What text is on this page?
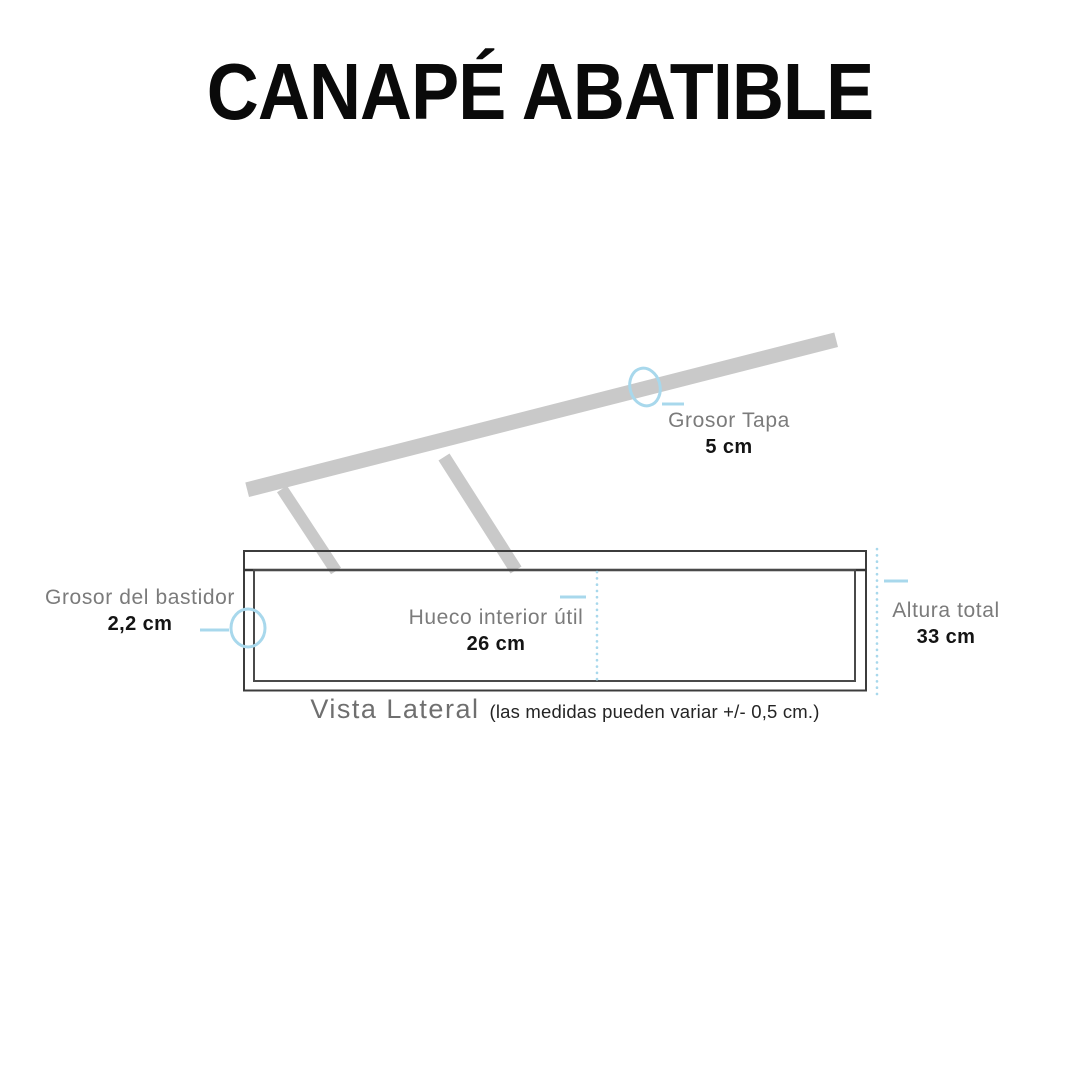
CANAPÉ ABATIBLE
Grosor Tapa
5 cm
Grosor del bastidor
2,2 cm	Hueco interior útil
26 cm
Altura total
33 cm
Vista Lateral (las medidas pueden variar +/- 0,5 cm.)
